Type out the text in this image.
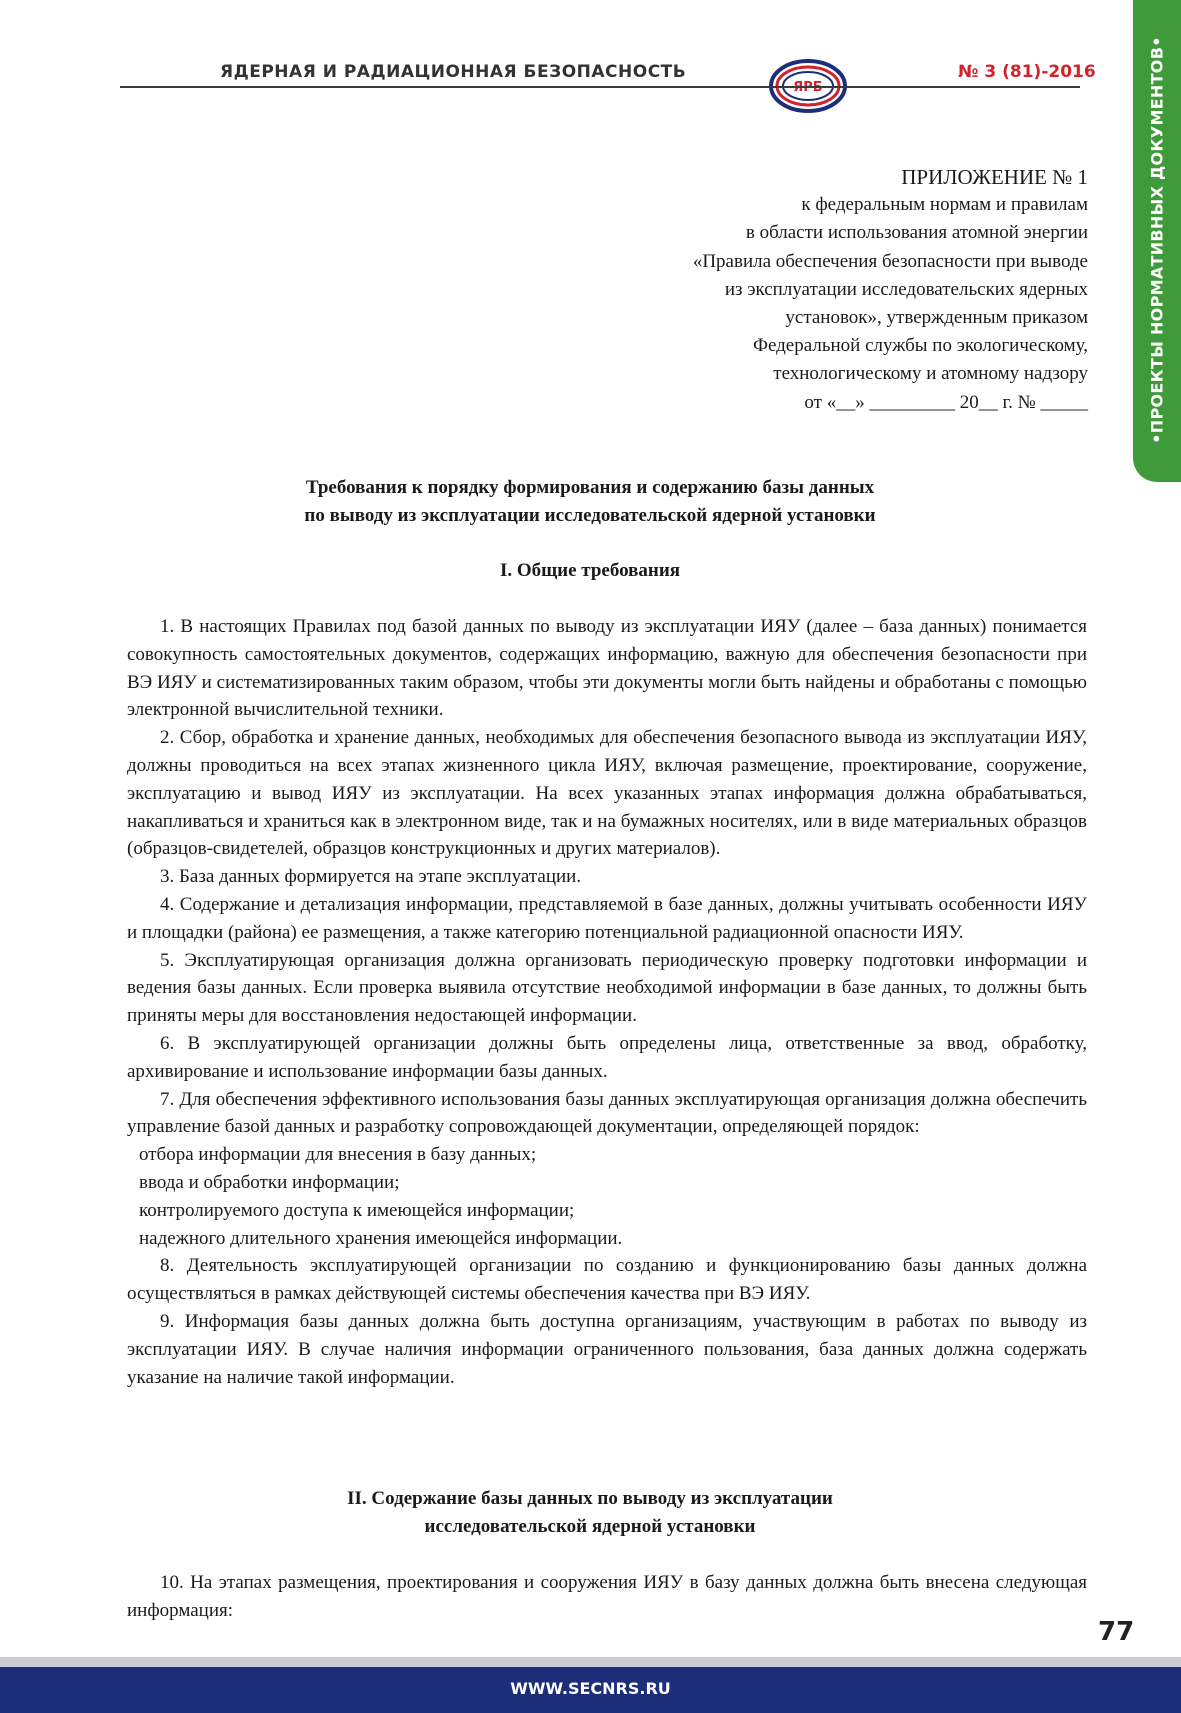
ЯДЕРНАЯ И РАДИАЦИОННАЯ БЕЗОПАСНОСТЬ	№ 3 (81)-2016	•ПРОЕКТЫ НОРМАТИВНЫХ ДОКУМЕНТОВ•

ПРИЛОЖЕНИЕ № 1

к федеральным нормам и правилам

в области использования атомной энергии

«Правила обеспечения безопасности при выводе

из эксплуатации исследовательских ядерных

установок», утвержденным приказом

Федеральной службы по экологическому,

технологическому и атомному надзору

от «__» _________ 20__ г. № _____

Требования к порядку формирования и содержанию базы данных

по выводу из эксплуатации исследовательской ядерной установки

I. Общие требования

1. В настоящих Правилах под базой данных по выводу из эксплуатации ИЯУ (далее – база данных) понимается совокупность самостоятельных документов, содержащих информацию, важную для обеспечения безопасности при ВЭ ИЯУ и систематизированных таким образом, чтобы эти документы могли быть найдены и обработаны с помощью электронной вычислительной техники.

2. Сбор, обработка и хранение данных, необходимых для обеспечения безопасного вывода из эксплуатации ИЯУ, должны проводиться на всех этапах жизненного цикла ИЯУ, включая размещение, проектирование, сооружение, эксплуатацию и вывод ИЯУ из эксплуатации. На всех указанных этапах информация должна обрабатываться, накапливаться и храниться как в электронном виде, так и на бумажных носителях, или в виде материальных образцов (образцов-свидетелей, образцов конструкционных и других материалов).

3. База данных формируется на этапе эксплуатации.

4. Содержание и детализация информации, представляемой в базе данных, должны учитывать особенности ИЯУ и площадки (района) ее размещения, а также категорию потенциальной радиационной опасности ИЯУ.

5. Эксплуатирующая организация должна организовать периодическую проверку подготовки информации и ведения базы данных. Если проверка выявила отсутствие необходимой информации в базе данных, то должны быть приняты меры для восстановления недостающей информации.

6. В эксплуатирующей организации должны быть определены лица, ответственные за ввод, обработку, архивирование и использование информации базы данных.

7. Для обеспечения эффективного использования базы данных эксплуатирующая организация должна обеспечить управление базой данных и разработку сопровождающей документации, определяющей порядок:

отбора информации для внесения в базу данных;

ввода и обработки информации;

контролируемого доступа к имеющейся информации;

надежного длительного хранения имеющейся информации.

8. Деятельность эксплуатирующей организации по созданию и функционированию базы данных должна осуществляться в рамках действующей системы обеспечения качества при ВЭ ИЯУ.

9. Информация базы данных должна быть доступна организациям, участвующим в работах по выводу из эксплуатации ИЯУ. В случае наличия информации ограниченного пользования, база данных должна содержать указание на наличие такой информации.

II. Содержание базы данных по выводу из эксплуатации

исследовательской ядерной установки

10. На этапах размещения, проектирования и сооружения ИЯУ в базу данных должна быть внесена следующая информация:

77
WWW.SECNRS.RU
